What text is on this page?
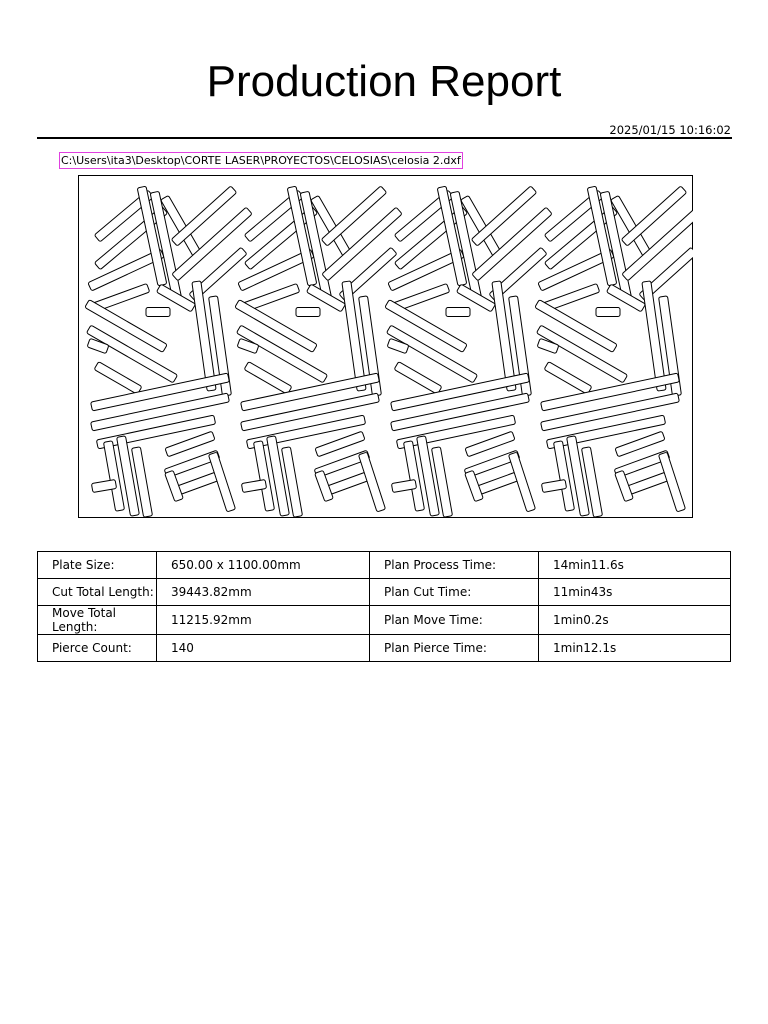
Production Report
2025/01/15 10:16:02
C:\Users\ita3\Desktop\CORTE LASER\PROYECTOS\CELOSIAS\celosia 2.dxf
Plate Size:	650.00 x 1100.00mm	Plan Process Time:	14min11.6s
Cut Total Length:	39443.82mm	Plan Cut Time:	11min43s
Move Total Length:	11215.92mm	Plan Move Time:	1min0.2s
Pierce Count:	140	Plan Pierce Time:	1min12.1s
